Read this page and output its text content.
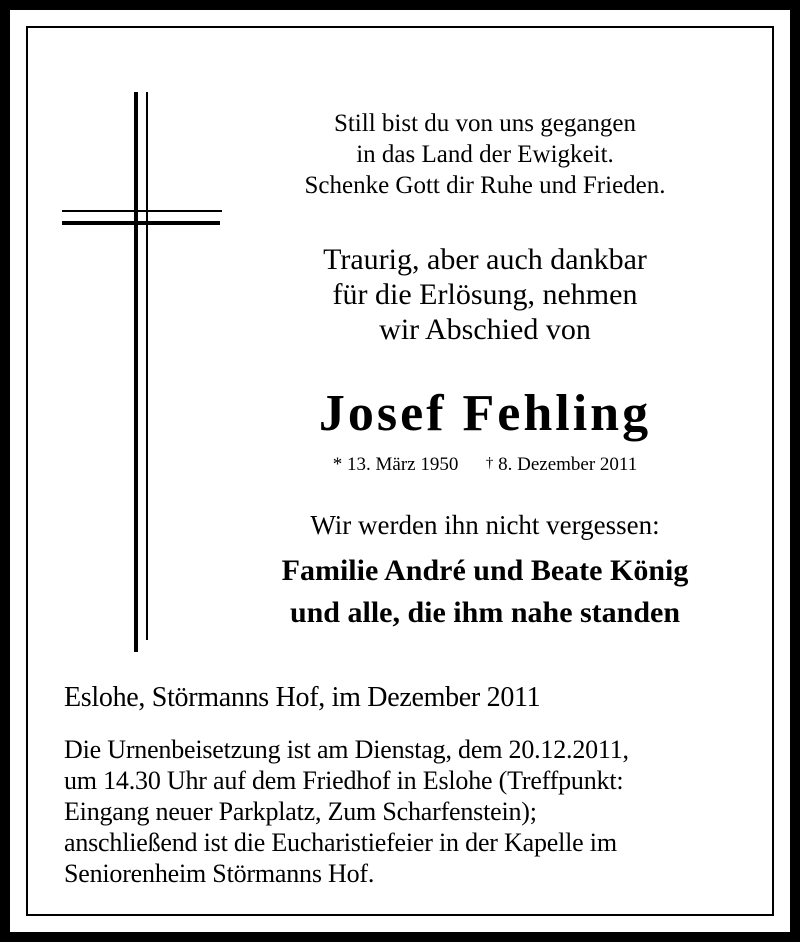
Still bist du von uns gegangen
in das Land der Ewigkeit.
Schenke Gott dir Ruhe und Frieden.
Traurig, aber auch dankbar
für die Erlösung, nehmen
wir Abschied von
Josef Fehling
* 13. März 1950 † 8. Dezember 2011
Wir werden ihn nicht vergessen:
Familie André und Beate König
und alle, die ihm nahe standen
Eslohe, Störmanns Hof, im Dezember 2011
Die Urnenbeisetzung ist am Dienstag, dem 20.12.2011,
um 14.30 Uhr auf dem Friedhof in Eslohe (Treffpunkt:
Eingang neuer Parkplatz, Zum Scharfenstein);
anschließend ist die Eucharistiefeier in der Kapelle im
Seniorenheim Störmanns Hof.
